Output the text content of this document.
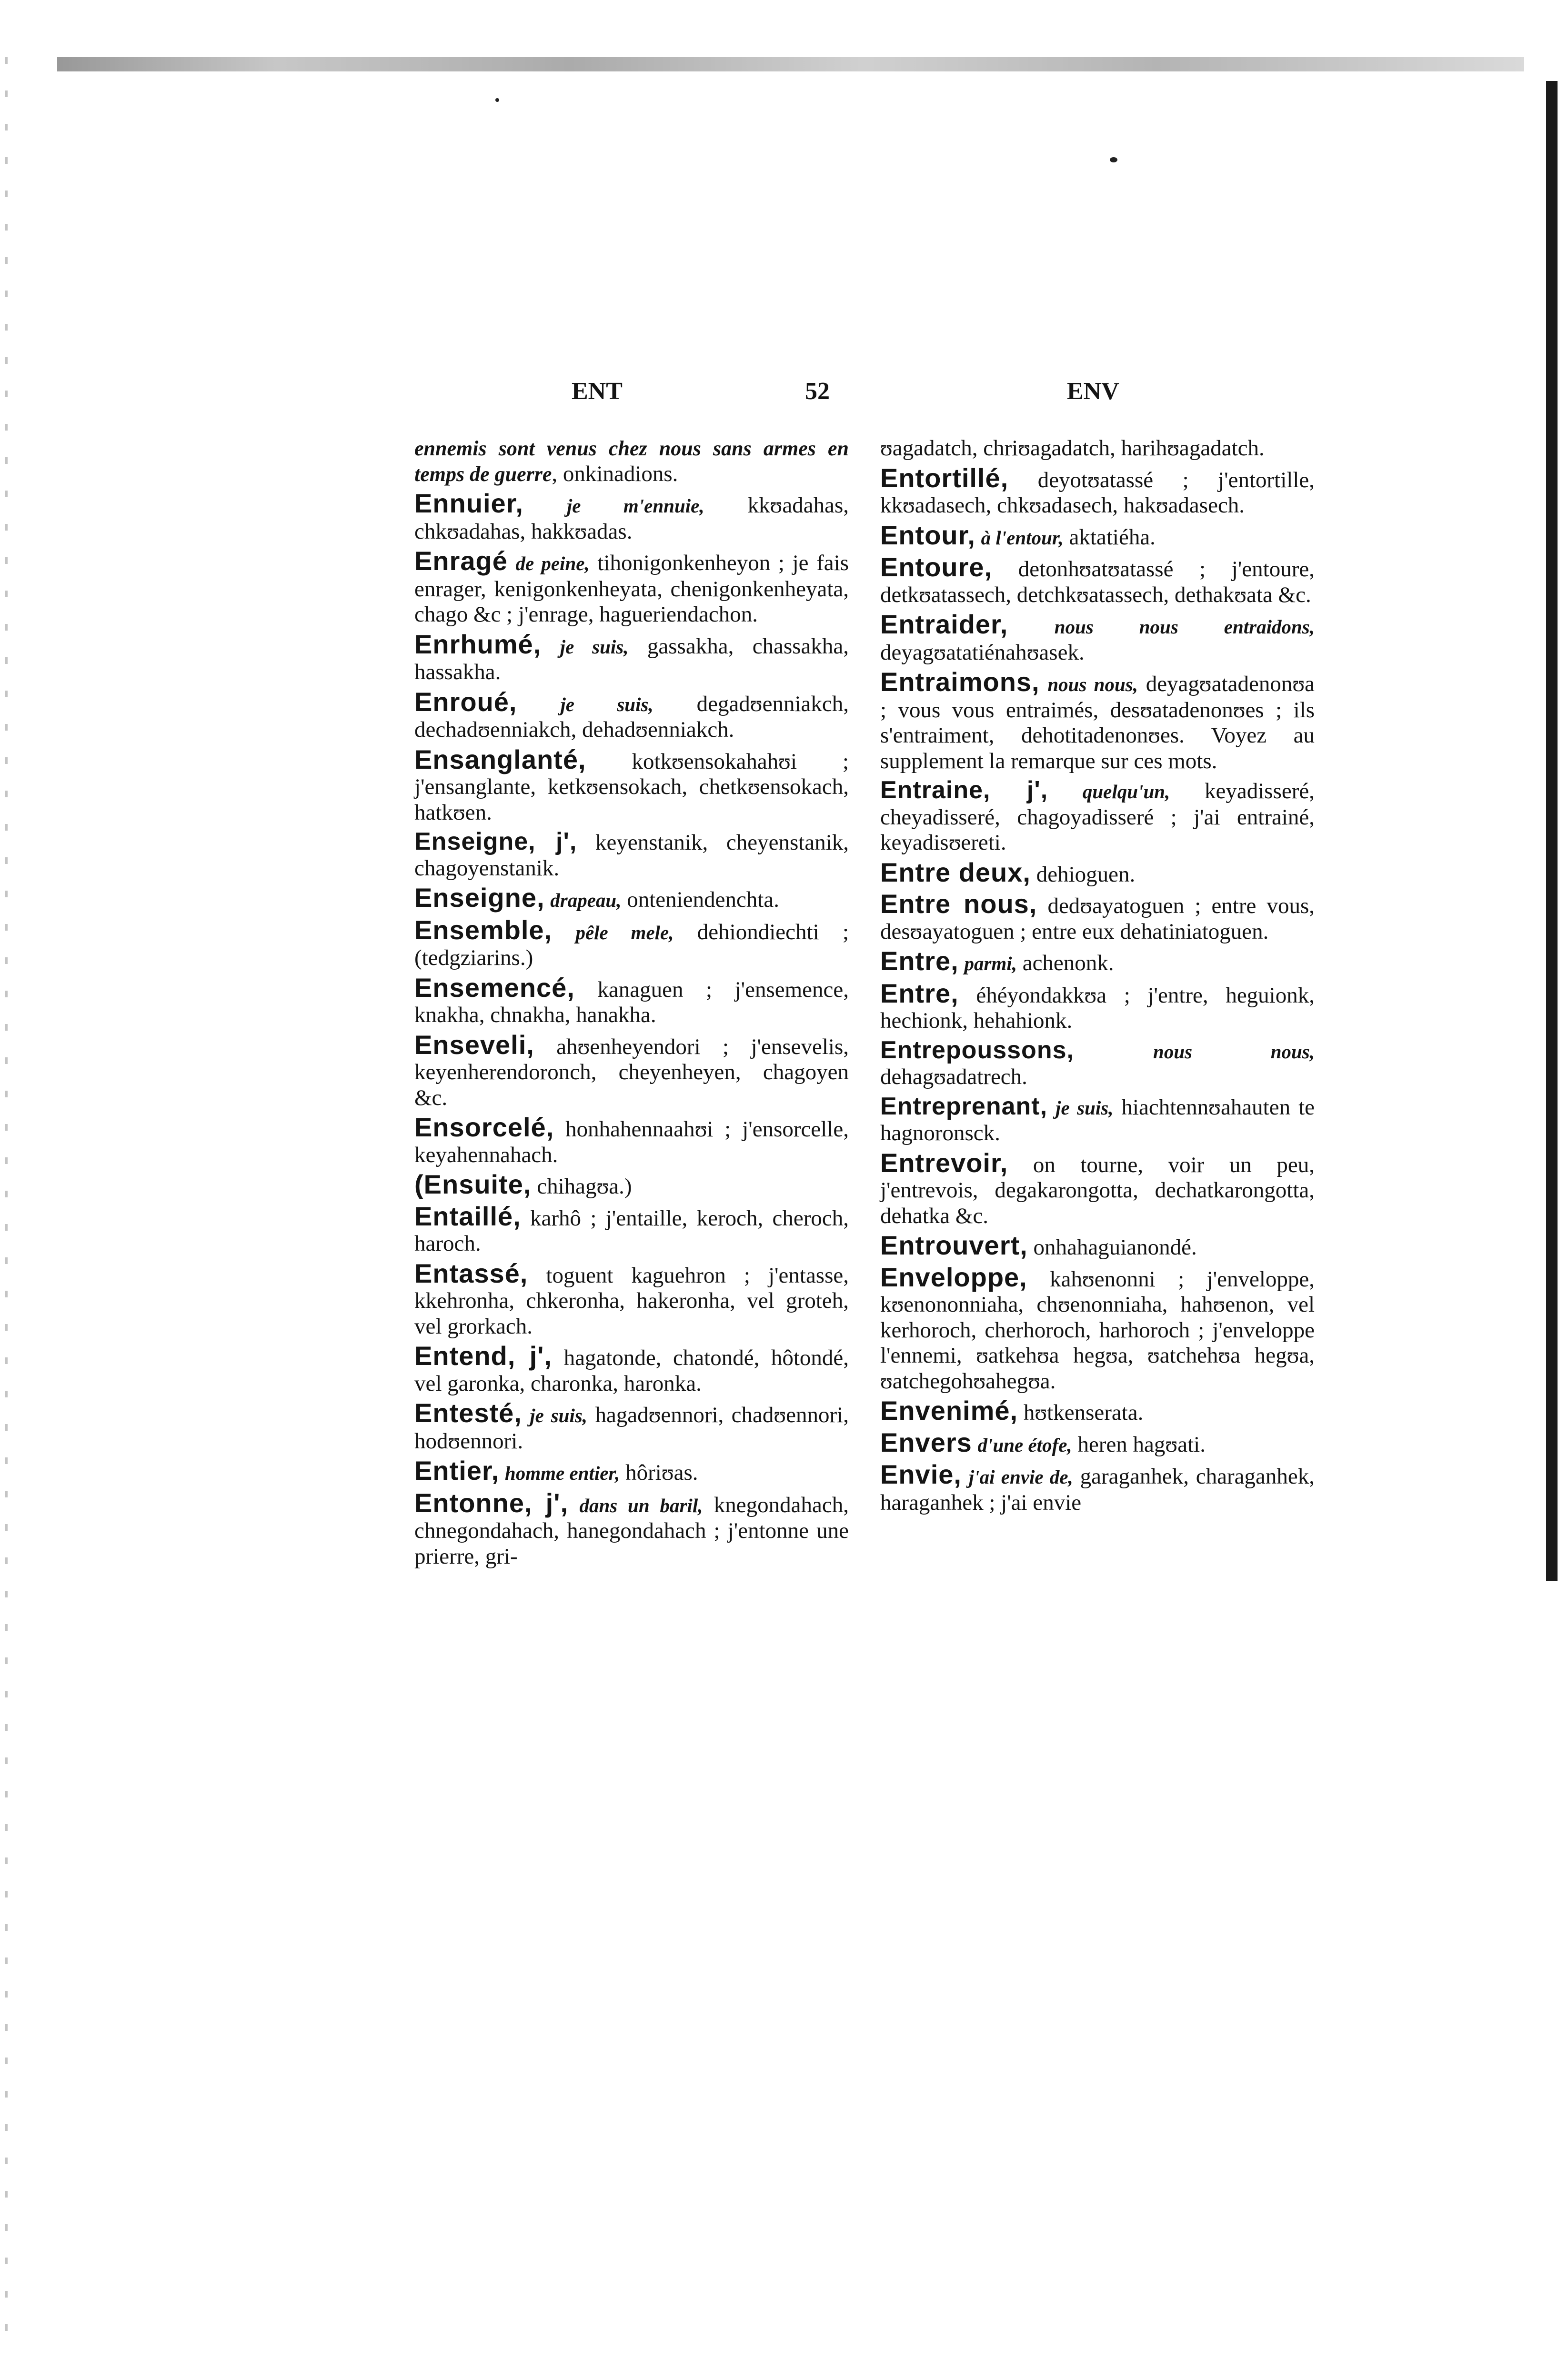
ENT	52	ENV
ennemis sont venus chez nous sans armes en temps de guerre, onkinadions.
Ennuier, je m'ennuie, kkʊadahas, chkʊadahas, hakkʊadas.
Enragé de peine, tihonigonkenheyon ; je fais enrager, kenigonkenheyata, chenigonkenheyata, chago &c ; j'enrage, hagueriendachon.
Enrhumé, je suis, gassakha, chassakha, hassakha.
Enroué, je suis, degadʊenniakch, dechadʊenniakch, dehadʊenniakch.
Ensanglanté, kotkʊensokahahʊi ; j'ensanglante, ketkʊensokach, chetkʊensokach, hatkʊen.
Enseigne, j', keyenstanik, cheyenstanik, chagoyenstanik.
Enseigne, drapeau, onteniendenchta.
Ensemble, pêle mele, dehiondiechti ; (tedgziarins.)
Ensemencé, kanaguen ; j'ensemence, knakha, chnakha, hanakha.
Enseveli, ahʊenheyendori ; j'ensevelis, keyenherendoronch, cheyenheyen, chagoyen &c.
Ensorcelé, honhahennaahʊi ; j'ensorcelle, keyahennahach.
(Ensuite, chihagʊa.)
Entaillé, karhô ; j'entaille, keroch, cheroch, haroch.
Entassé, toguent kaguehron ; j'entasse, kkehronha, chkeronha, hakeronha, vel groteh, vel grorkach.
Entend, j', hagatonde, chatondé, hôtondé, vel garonka, charonka, haronka.
Entesté, je suis, hagadʊennori, chadʊennori, hodʊennori.
Entier, homme entier, hôriʊas.
Entonne, j', dans un baril, knegondahach, chnegondahach, hanegondahach ; j'entonne une prierre, gri-
ʊagadatch, chriʊagadatch, harihʊagadatch.
Entortillé, deyotʊatassé ; j'entortille, kkʊadasech, chkʊadasech, hakʊadasech.
Entour, à l'entour, aktatiéha.
Entoure, detonhʊatʊatassé ; j'entoure, detkʊatassech, detchkʊatassech, dethakʊata &c.
Entraider, nous nous entraidons, deyagʊatatiénahʊasek.
Entraimons, nous nous, deyagʊatadenonʊa ; vous vous entraimés, desʊatadenonʊes ; ils s'entraiment, dehotitadenonʊes. Voyez au supplement la remarque sur ces mots.
Entraine, j', quelqu'un, keyadisseré, cheyadisseré, chagoyadisseré ; j'ai entrainé, keyadisʊereti.
Entre deux, dehioguen.
Entre nous, dedʊayatoguen ; entre vous, desʊayatoguen ; entre eux dehatiniatoguen.
Entre, parmi, achenonk.
Entre, éhéyondakkʊa ; j'entre, heguionk, hechionk, hehahionk.
Entrepoussons,	nous nous, dehagʊadatrech.
Entreprenant, je suis, hiachtennʊahauten te hagnoronsck.
Entrevoir, on tourne, voir un peu, j'entrevois, degakarongotta, dechatkarongotta, dehatka &c.
Entrouvert, onhahaguianondé.
Enveloppe, kahʊenonni ; j'enveloppe, kʊenononniaha, chʊenonniaha, hahʊenon, vel kerhoroch, cherhoroch, harhoroch ; j'enveloppe l'ennemi, ʊatkehʊa hegʊa, ʊatchehʊa hegʊa, ʊatchegohʊahegʊa.
Envenimé, hʊtkenserata.
Envers d'une étofe, heren hagʊati.
Envie, j'ai envie de, garaganhek, charaganhek, haraganhek ; j'ai envie
